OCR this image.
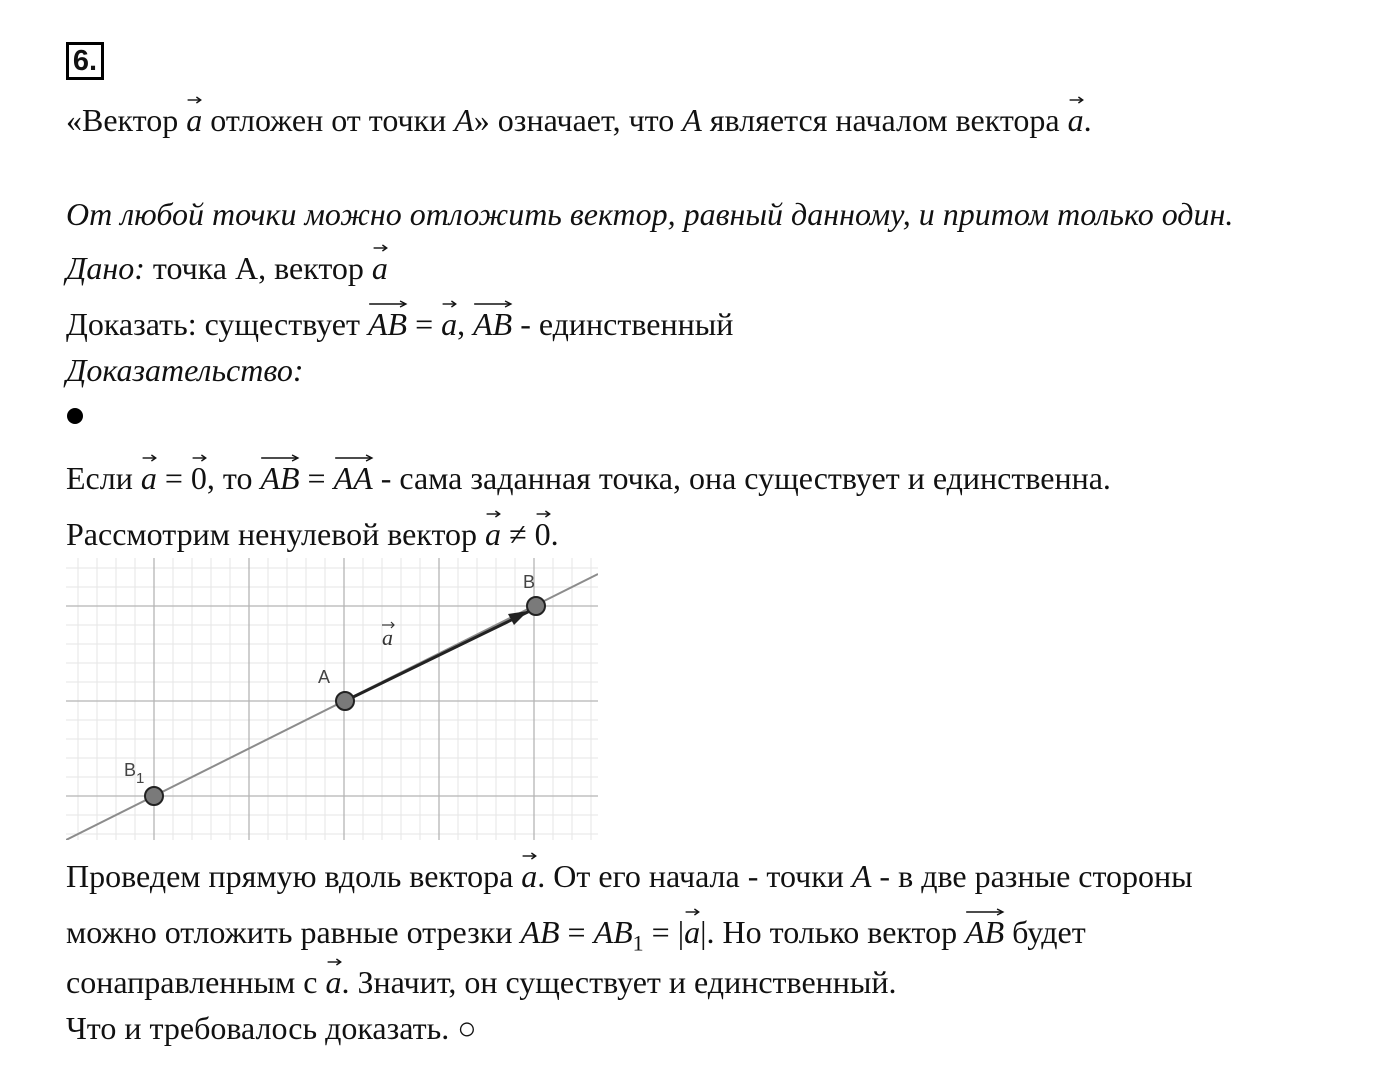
6.
«Вектор
a отложен от точки A» означает, что A является началом вектора
a.
От любой точки можно отложить вектор, равный данному, и притом только один.
Дано: точка А, вектор
a
Доказать: существует
AB =
a,
AB - единственный
Доказательство:
Если
a =
0, то
AB =
AA - сама заданная точка, она существует и единственна.
Рассмотрим ненулевой вектор
a ≠
0.
A
B
$B_1$
a
Проведем прямую вдоль вектора
a. От его начала - точки A - в две разные стороны
можно отложить равные отрезки AB = $AB_1$ = |
a|. Но только вектор
AB будет
сонаправленным с
a. Значит, он существует и единственный.
Что и требовалось доказать. ○
